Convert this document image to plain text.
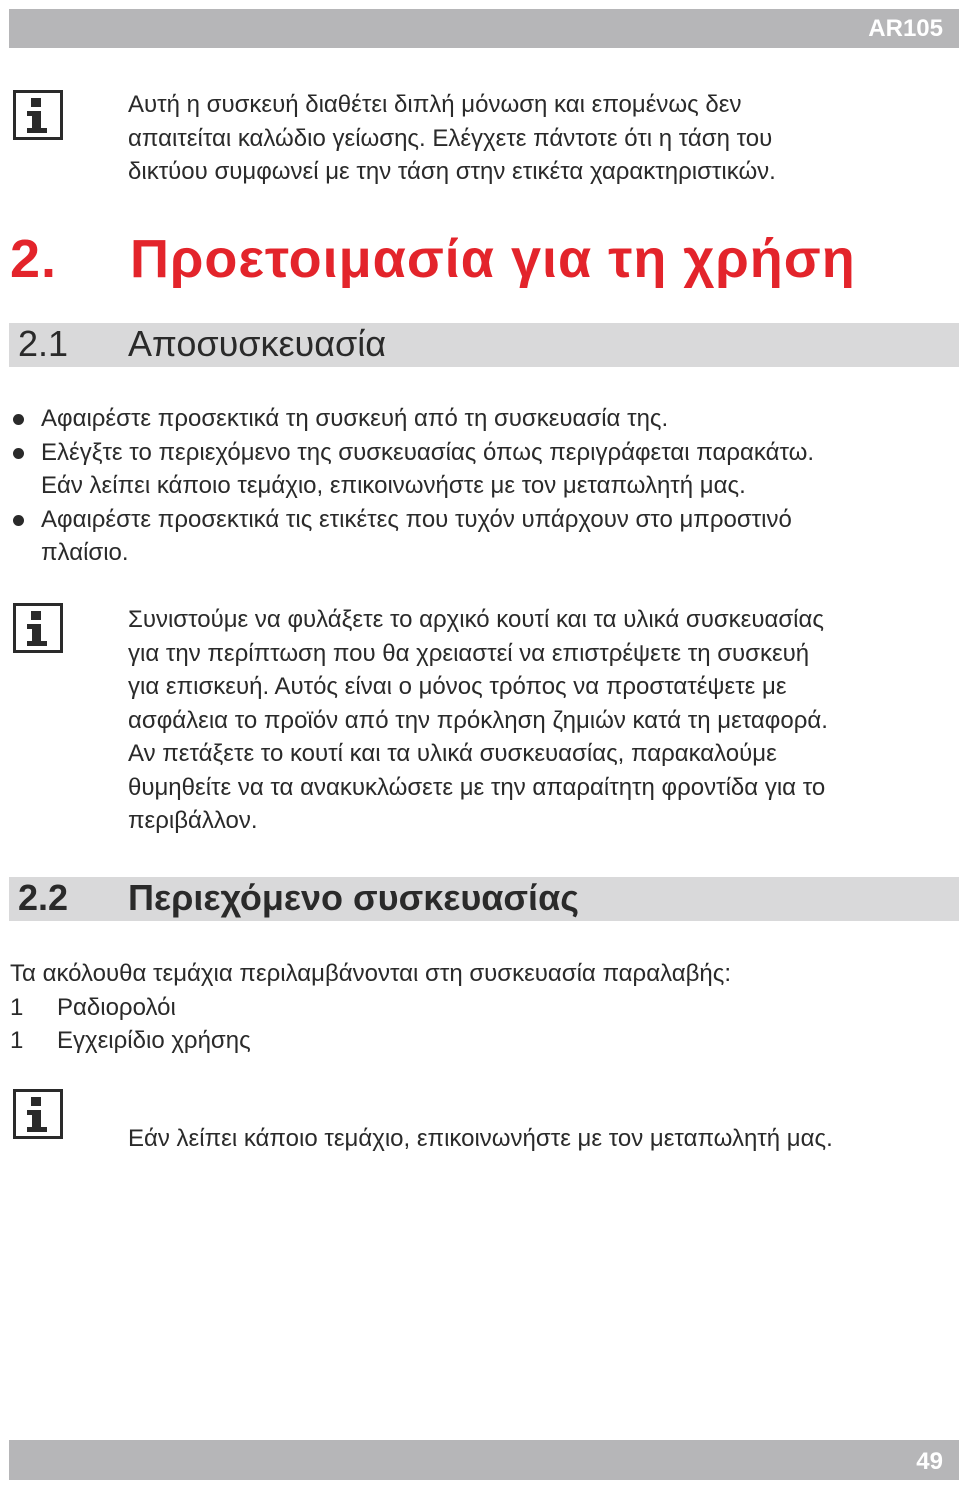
AR105
Αυτή η συσκευή διαθέτει διπλή μόνωση και επομένως δεν
απαιτείται καλώδιο γείωσης. Ελέγχετε πάντοτε ότι η τάση του
δικτύου συμφωνεί με την τάση στην ετικέτα χαρακτηριστικών.
2. Προετοιμασία για τη χρήση
2.1 Αποσυσκευασία
Αφαιρέστε προσεκτικά τη συσκευή από τη συσκευασία της.
Ελέγξτε το περιεχόμενο της συσκευασίας όπως περιγράφεται παρακάτω.
Εάν λείπει κάποιο τεμάχιο, επικοινωνήστε με τον μεταπωλητή μας.
Αφαιρέστε προσεκτικά τις ετικέτες που τυχόν υπάρχουν στο μπροστινό
πλαίσιο.
Συνιστούμε να φυλάξετε το αρχικό κουτί και τα υλικά συσκευασίας
για την περίπτωση που θα χρειαστεί να επιστρέψετε τη συσκευή
για επισκευή. Αυτός είναι ο μόνος τρόπος να προστατέψετε με
ασφάλεια το προϊόν από την πρόκληση ζημιών κατά τη μεταφορά.
Αν πετάξετε το κουτί και τα υλικά συσκευασίας, παρακαλούμε
θυμηθείτε να τα ανακυκλώσετε με την απαραίτητη φροντίδα για το
περιβάλλον.
2.2 Περιεχόμενο συσκευασίας
Τα ακόλουθα τεμάχια περιλαμβάνονται στη συσκευασία παραλαβής:
1 Ραδιορολόι
1 Εγχειρίδιο χρήσης
Εάν λείπει κάποιο τεμάχιο, επικοινωνήστε με τον μεταπωλητή μας.
49
